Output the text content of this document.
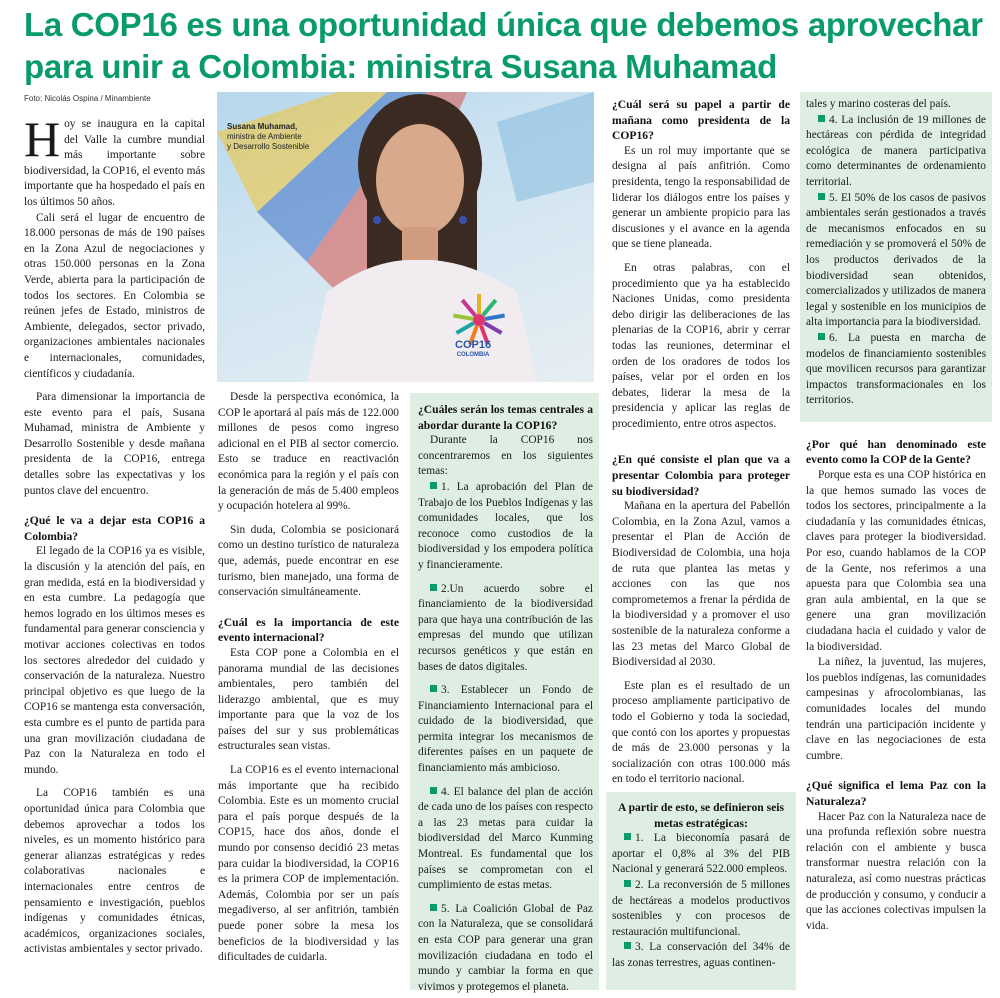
La COP16 es una oportunidad única que debemos aprovechar para unir a Colombia: ministra Susana Muhamad
Foto: Nicolás Ospina / Minambiente
COP16
COLOMBIA
Susana Muhamad,
ministra de Ambiente
y Desarrollo Sostenible

Hoy se inaugura en la capital del Valle la cumbre mundial más importante sobre biodiversidad, la COP16, el evento más importante que ha hospedado el país en los últimos 50 años.

Cali será el lugar de encuentro de 18.000 personas de más de 190 países en la Zona Azul de negociaciones y otras 150.000 personas en la Zona Verde, abierta para la participación de todos los sectores. En Colombia se reúnen jefes de Estado, ministros de Ambiente, delegados, sector privado, organizaciones ambientales nacionales e internacionales, comunidades, científicos y ciudadanía.

Para dimensionar la importancia de este evento para el país, Susana Muhamad, ministra de Ambiente y Desarrollo Sostenible y desde mañana presidenta de la COP16, entrega detalles sobre las expectativas y los puntos clave del encuentro.

¿Qué le va a dejar esta COP16 a Colombia?

El legado de la COP16 ya es visible, la discusión y la atención del país, en gran medida, está en la biodiversidad y en esta cumbre. La pedagogía que hemos logrado en los últimos meses es fundamental para generar consciencia y motivar acciones colectivas en todos los sectores alrededor del cuidado y conservación de la naturaleza. Nuestro principal objetivo es que luego de la COP16 se mantenga esta conversación, esta cumbre es el punto de partida para una gran movilización ciudadana de Paz con la Naturaleza en todo el mundo.

La COP16 también es una oportunidad única para Colombia que debemos aprovechar a todos los niveles, es un momento histórico para generar alianzas estratégicas y redes colaborativas nacionales e internacionales entre centros de pensamiento e investigación, pueblos indígenas y comunidades étnicas, académicos, organizaciones sociales, activistas ambientales y sector privado.

Desde la perspectiva económica, la COP le aportará al país más de 122.000 millones de pesos como ingreso adicional en el PIB al sector comercio. Esto se traduce en reactivación económica para la región y el país con la generación de más de 5.400 empleos y ocupación hotelera al 99%.

Sin duda, Colombia se posicionará como un destino turístico de naturaleza que, además, puede encontrar en ese turismo, bien manejado, una forma de conservación simultáneamente.

¿Cuál es la importancia de este evento internacional?

Esta COP pone a Colombia en el panorama mundial de las decisiones ambientales, pero también del liderazgo ambiental, que es muy importante para que la voz de los países del sur y sus problemáticas estructurales sean vistas.

La COP16 es el evento internacional más importante que ha recibido Colombia. Este es un momento crucial para el país porque después de la COP15, hace dos años, donde el mundo por consenso decidió 23 metas para cuidar la biodiversidad, la COP16 es la primera COP de implementación. Además, Colombia por ser un país megadiverso, al ser anfitrión, también puede poner sobre la mesa los beneficios de la biodiversidad y las dificultades de cuidarla.

¿Cuáles serán los temas centrales a abordar durante la COP16?

Durante la COP16 nos concentraremos en los siguientes temas:

1. La aprobación del Plan de Trabajo de los Pueblos Indígenas y las comunidades locales, que los reconoce como custodios de la biodiversidad y los empodera política y financieramente.

2.Un acuerdo sobre el financiamiento de la biodiversidad para que haya una contribución de las empresas del mundo que utilizan recursos genéticos y que están en bases de datos digitales.

3. Establecer un Fondo de Financiamiento Internacional para el cuidado de la biodiversidad, que permita integrar los mecanismos de diferentes países en un paquete de financiamiento más ambicioso.

4. El balance del plan de acción de cada uno de los países con respecto a las 23 metas para cuidar la biodiversidad del Marco Kunming Montreal. Es fundamental que los países se comprometan con el cumplimiento de estas metas.

5. La Coalición Global de Paz con la Naturaleza, que se consolidará en esta COP para generar una gran movilización ciudadana en todo el mundo y cambiar la forma en que vivimos y protegemos el planeta.

¿Cuál será su papel a partir de mañana como presidenta de la COP16?

Es un rol muy importante que se designa al país anfitrión. Como presidenta, tengo la responsabilidad de liderar los diálogos entre los países y generar un ambiente propicio para las discusiones y el avance en la agenda que se tiene planeada.

En otras palabras, con el procedimiento que ya ha establecido Naciones Unidas, como presidenta debo dirigir las deliberaciones de las plenarias de la COP16, abrir y cerrar todas las reuniones, determinar el orden de los oradores de todos los países, velar por el orden en los debates, liderar la mesa de la presidencia y aplicar las reglas de procedimiento, entre otros aspectos.

¿En qué consiste el plan que va a presentar Colombia para proteger su biodiversidad?

Mañana en la apertura del Pabellón Colombia, en la Zona Azul, vamos a presentar el Plan de Acción de Biodiversidad de Colombia, una hoja de ruta que plantea las metas y acciones con las que nos comprometemos a frenar la pérdida de la biodiversidad y a promover el uso sostenible de la naturaleza conforme a las 23 metas del Marco Global de Biodiversidad al 2030.

Este plan es el resultado de un proceso ampliamente participativo de todo el Gobierno y toda la sociedad, que contó con los aportes y propuestas de más de 23.000 personas y la socialización con otras 100.000 más en todo el territorio nacional.

A partir de esto, se definieron seis metas estratégicas:

1. La bieconomía pasará de aportar el 0,8% al 3% del PIB Nacional y generará 522.000 empleos.

2. La reconversión de 5 millones de hectáreas a modelos productivos sostenibles y con procesos de restauración multifuncional.

3. La conservación del 34% de las zonas terrestres, aguas continen-

tales y marino costeras del país.

4. La inclusión de 19 millones de hectáreas con pérdida de integridad ecológica de manera participativa como determinantes de ordenamiento territorial.

5. El 50% de los casos de pasivos ambientales serán gestionados a través de mecanismos enfocados en su remediación y se promoverá el 50% de los productos derivados de la biodiversidad sean obtenidos, comercializados y utilizados de manera legal y sostenible en los municipios de alta importancia para la biodiversidad.

6. La puesta en marcha de modelos de financiamiento sostenibles que movilicen recursos para garantizar impactos transformacionales en los territorios.

¿Por qué han denominado este evento como la COP de la Gente?

Porque esta es una COP histórica en la que hemos sumado las voces de todos los sectores, principalmente a la ciudadanía y las comunidades étnicas, claves para proteger la biodiversidad. Por eso, cuando hablamos de la COP de la Gente, nos referimos a una apuesta para que Colombia sea una gran aula ambiental, en la que se genere una gran movilización ciudadana hacia el cuidado y valor de la biodiversidad.

La niñez, la juventud, las mujeres, los pueblos indígenas, las comunidades campesinas y afrocolombianas, las comunidades locales del mundo tendrán una participación incidente y clave en las negociaciones de esta cumbre.

¿Qué significa el lema Paz con la Naturaleza?

Hacer Paz con la Naturaleza nace de una profunda reflexión sobre nuestra relación con el ambiente y busca transformar nuestra relación con la naturaleza, así como nuestras prácticas de producción y consumo, y conducir a que las acciones colectivas impulsen la vida.
